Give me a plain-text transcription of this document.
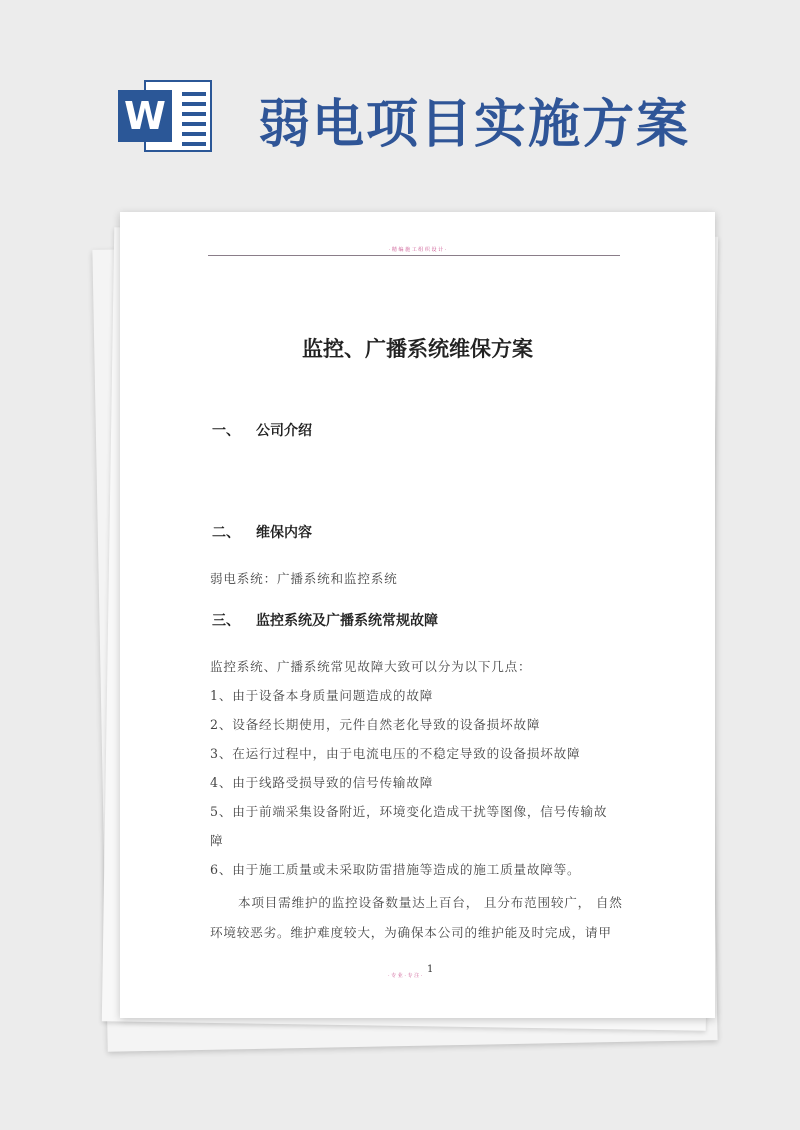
W 弱电项目实施方案
· 精 编 施 工 组 织 设 计 ·
监控、广播系统维保方案
一、 公司介绍
二、 维保内容
弱电系统：广播系统和监控系统
三、 监控系统及广播系统常规故障
监控系统、广播系统常见故障大致可以分为以下几点：
1、由于设备本身质量问题造成的故障
2、设备经长期使用，元件自然老化导致的设备损坏故障
3、在运行过程中，由于电流电压的不稳定导致的设备损坏故障
4、由于线路受损导致的信号传输故障
5、由于前端采集设备附近，环境变化造成干扰等图像，信号传输故
障
6、由于施工质量或未采取防雷措施等造成的施工质量故障等。
本项目需维护的监控设备数量达上百台， 且分布范围较广， 自然
环境较恶劣。维护难度较大，为确保本公司的维护能及时完成，请甲
1
· 专 业 · 专 注 ·
